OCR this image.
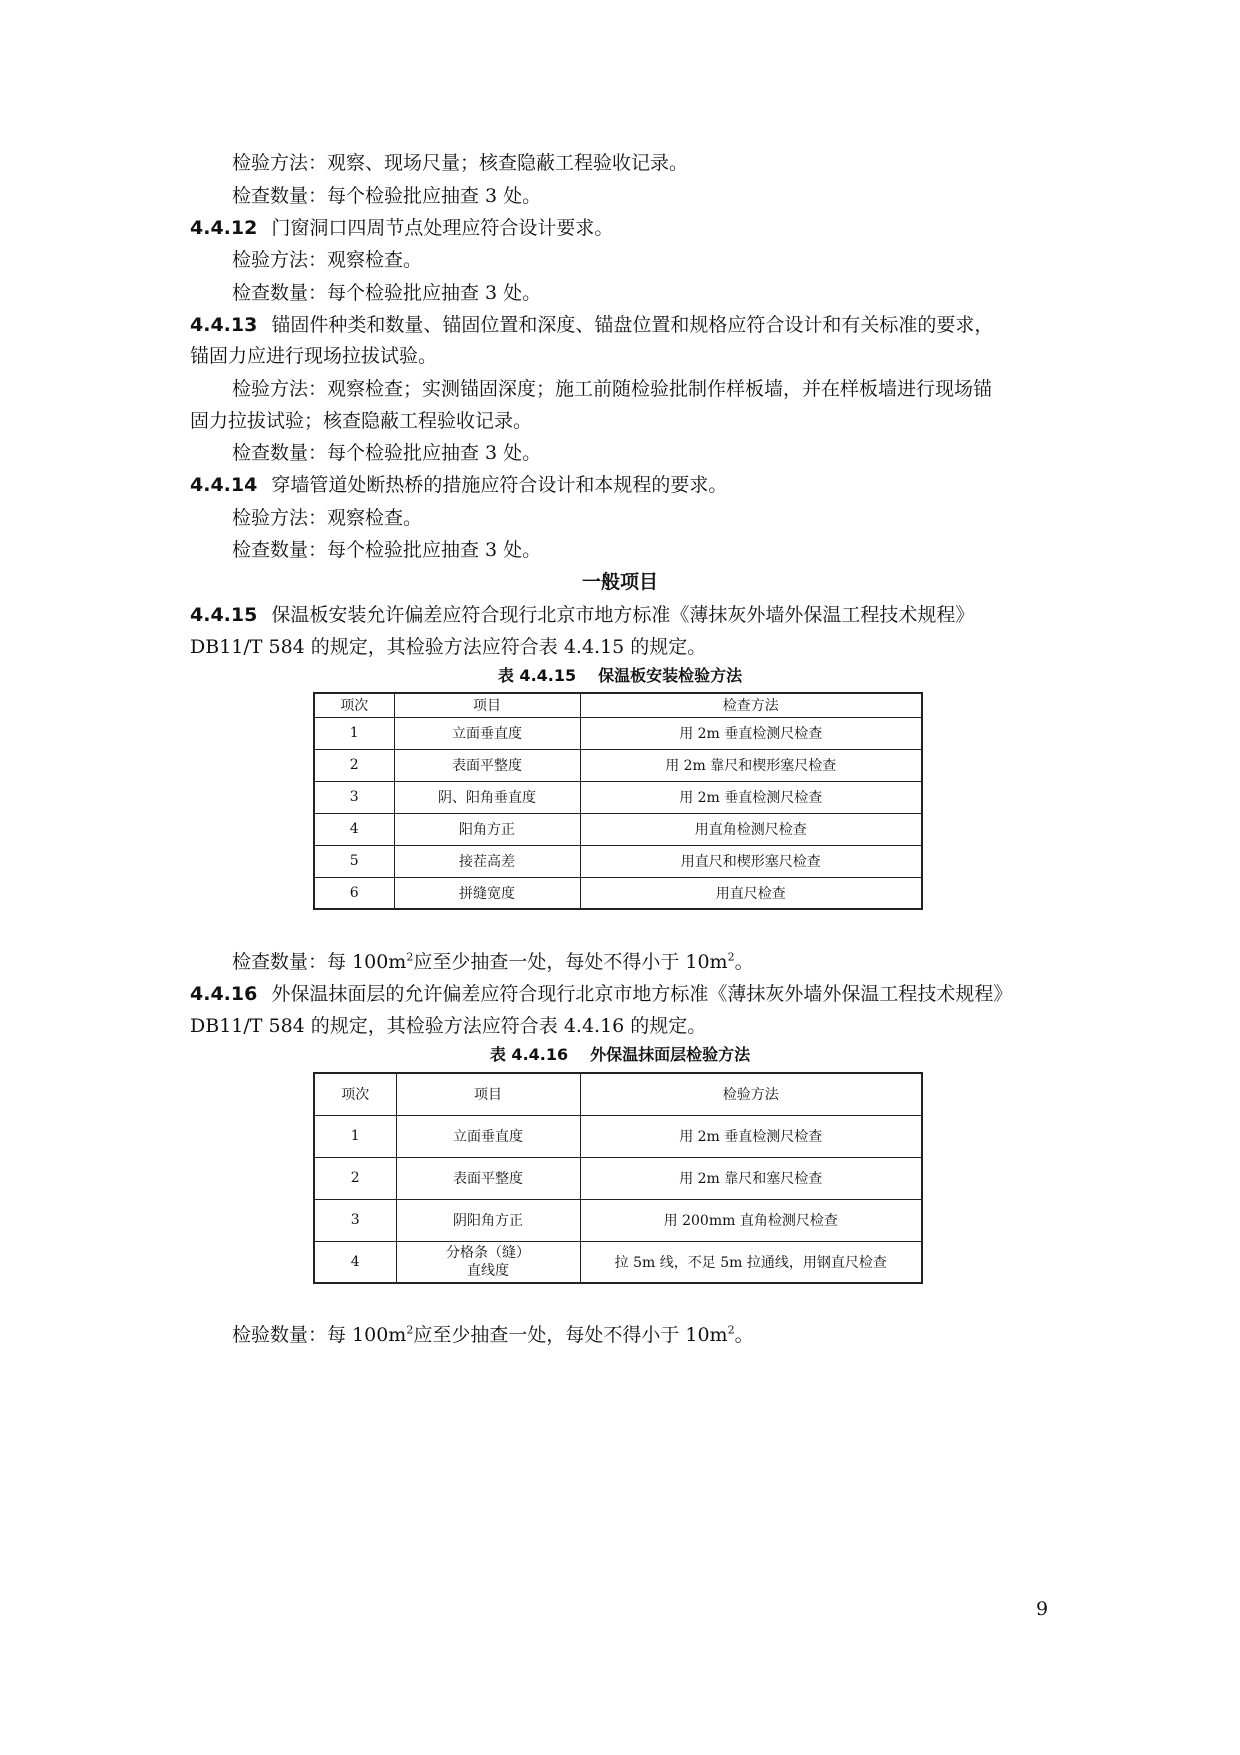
检验方法：观察、现场尺量；核查隐蔽工程验收记录。
检查数量：每个检验批应抽查 3 处。
4.4.12 门窗洞口四周节点处理应符合设计要求。
检验方法：观察检查。
检查数量：每个检验批应抽查 3 处。
4.4.13 锚固件种类和数量、锚固位置和深度、锚盘位置和规格应符合设计和有关标准的要求，
锚固力应进行现场拉拔试验。
检验方法：观察检查；实测锚固深度；施工前随检验批制作样板墙，并在样板墙进行现场锚
固力拉拔试验；核查隐蔽工程验收记录。
检查数量：每个检验批应抽查 3 处。
4.4.14 穿墙管道处断热桥的措施应符合设计和本规程的要求。
检验方法：观察检查。
检查数量：每个检验批应抽查 3 处。
一般项目
4.4.15 保温板安装允许偏差应符合现行北京市地方标准《薄抹灰外墙外保温工程技术规程》
DB11/T 584 的规定，其检验方法应符合表 4.4.15 的规定。
表 4.4.15 保温板安装检验方法
项次	项目	检查方法
1	立面垂直度	用 2m 垂直检测尺检查
2	表面平整度	用 2m 靠尺和楔形塞尺检查
3	阴、阳角垂直度	用 2m 垂直检测尺检查
4	阳角方正	用直角检测尺检查
5	接茬高差	用直尺和楔形塞尺检查
6	拼缝宽度	用直尺检查
检查数量：每 $100m^2$应至少抽查一处，每处不得小于 $10m^2$。
4.4.16 外保温抹面层的允许偏差应符合现行北京市地方标准《薄抹灰外墙外保温工程技术规程》
DB11/T 584 的规定，其检验方法应符合表 4.4.16 的规定。
表 4.4.16 外保温抹面层检验方法
项次	项目	检验方法
1	立面垂直度	用 2m 垂直检测尺检查
2	表面平整度	用 2m 靠尺和塞尺检查
3	阴阳角方正	用 200mm 直角检测尺检查
4	分格条（缝）
直线度	拉 5m 线，不足 5m 拉通线，用钢直尺检查
检验数量：每 $100m^2$应至少抽查一处，每处不得小于 $10m^2$。
9
